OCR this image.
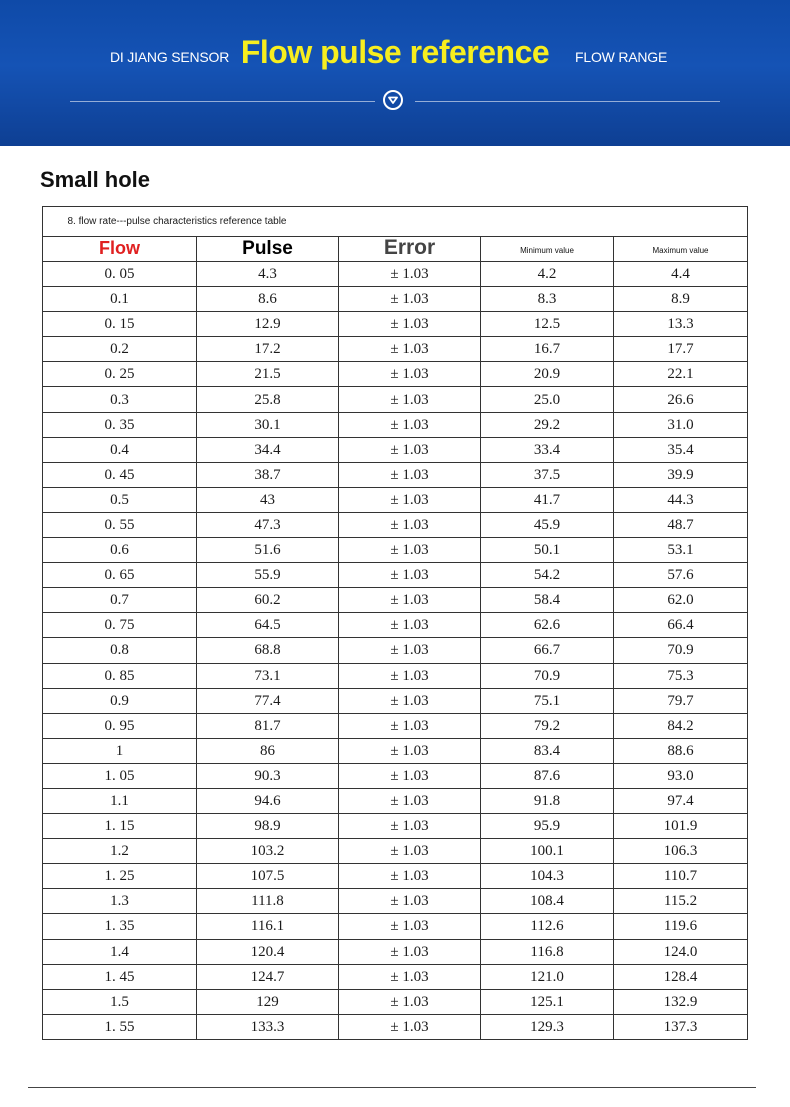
DI JIANG SENSOR Flow pulse reference	FLOW RANGE
Small hole
8. flow rate---pulse characteristics reference table				
Flow	Pulse	Error	Minimum value	Maximum value
0. 05	4.3	± 1.03	4.2	4.4
0.1	8.6	± 1.03	8.3	8.9
0. 15	12.9	± 1.03	12.5	13.3
0.2	17.2	± 1.03	16.7	17.7
0. 25	21.5	± 1.03	20.9	22.1
0.3	25.8	± 1.03	25.0	26.6
0. 35	30.1	± 1.03	29.2	31.0
0.4	34.4	± 1.03	33.4	35.4
0. 45	38.7	± 1.03	37.5	39.9
0.5	43	± 1.03	41.7	44.3
0. 55	47.3	± 1.03	45.9	48.7
0.6	51.6	± 1.03	50.1	53.1
0. 65	55.9	± 1.03	54.2	57.6
0.7	60.2	± 1.03	58.4	62.0
0. 75	64.5	± 1.03	62.6	66.4
0.8	68.8	± 1.03	66.7	70.9
0. 85	73.1	± 1.03	70.9	75.3
0.9	77.4	± 1.03	75.1	79.7
0. 95	81.7	± 1.03	79.2	84.2
1	86	± 1.03	83.4	88.6
1. 05	90.3	± 1.03	87.6	93.0
1.1	94.6	± 1.03	91.8	97.4
1. 15	98.9	± 1.03	95.9	101.9
1.2	103.2	± 1.03	100.1	106.3
1. 25	107.5	± 1.03	104.3	110.7
1.3	111.8	± 1.03	108.4	115.2
1. 35	116.1	± 1.03	112.6	119.6
1.4	120.4	± 1.03	116.8	124.0
1. 45	124.7	± 1.03	121.0	128.4
1.5	129	± 1.03	125.1	132.9
1. 55	133.3	± 1.03	129.3	137.3
